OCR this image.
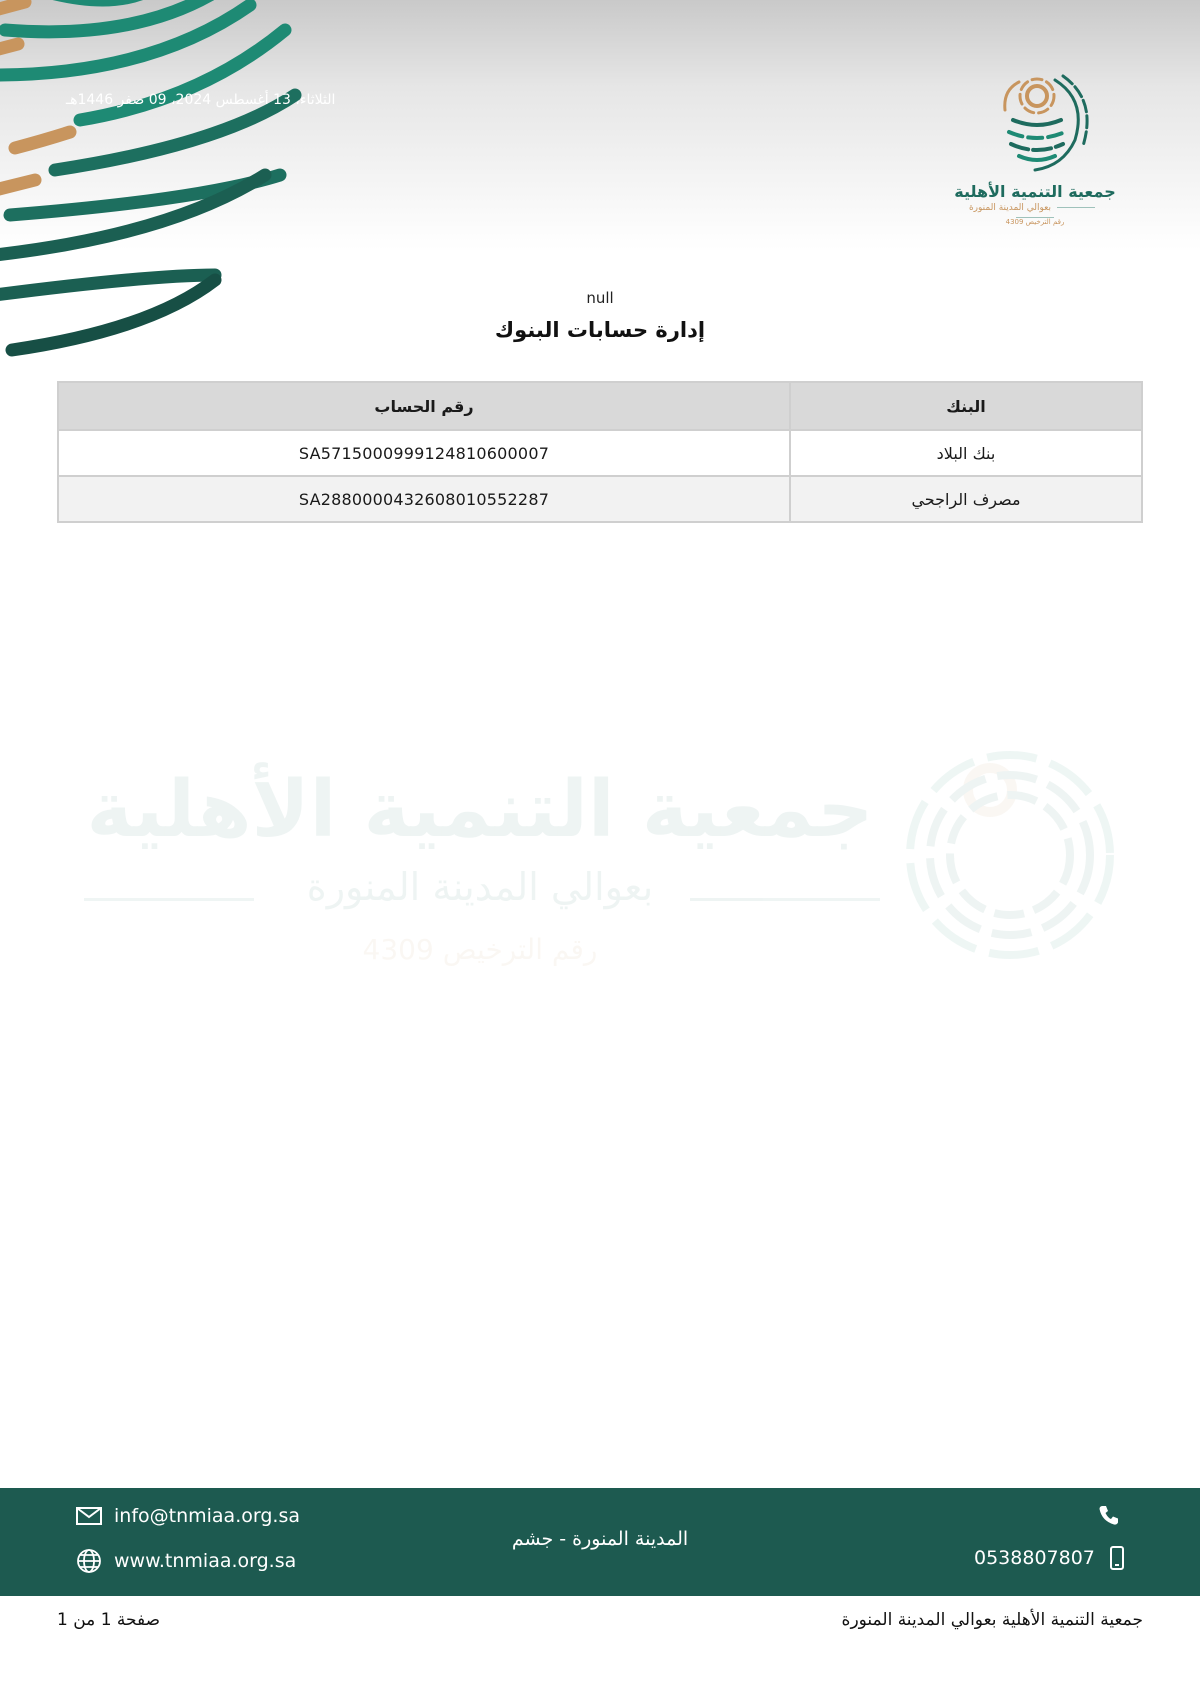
الثلاثاء، 13 أغسطس 2024، 09 صفر 1446هـ
جمعية التنمية الأهلية
بعوالي المدينة المنورة
رقم الترخيص 4309
null
إدارة حسابات البنوك
رقم الحساب	البنك
SA5715000999124810600007	بنك البلاد
SA2880000432608010552287	مصرف الراجحي
جمعية التنمية الأهلية
بعوالي المدينة المنورة
رقم الترخيص 4309
info@tnmiaa.org.sa
www.tnmiaa.org.sa
المدينة المنورة - جشم
0538807807
صفحة 1 من 1	جمعية التنمية الأهلية بعوالي المدينة المنورة
